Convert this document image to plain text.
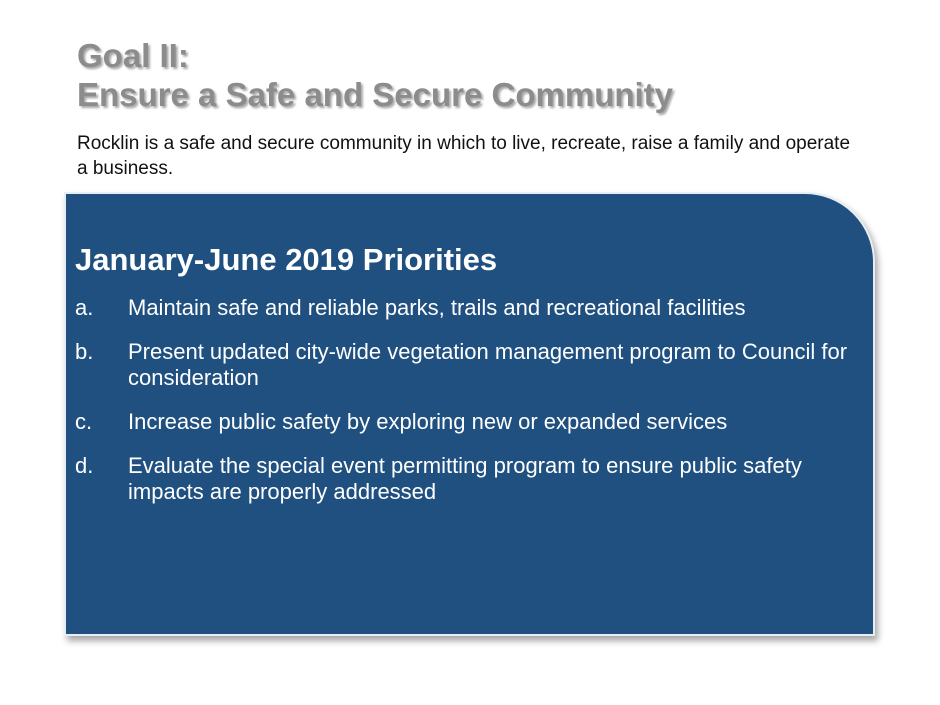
Goal II:
Ensure a Safe and Secure Community

Rocklin is a safe and secure community in which to live, recreate, raise a family and operate a business.

January-June 2019 Priorities
a. Maintain safe and reliable parks, trails and recreational facilities
b. Present updated city-wide vegetation management program to Council for consideration
c. Increase public safety by exploring new or expanded services
d. Evaluate the special event permitting program to ensure public safety impacts are properly addressed
